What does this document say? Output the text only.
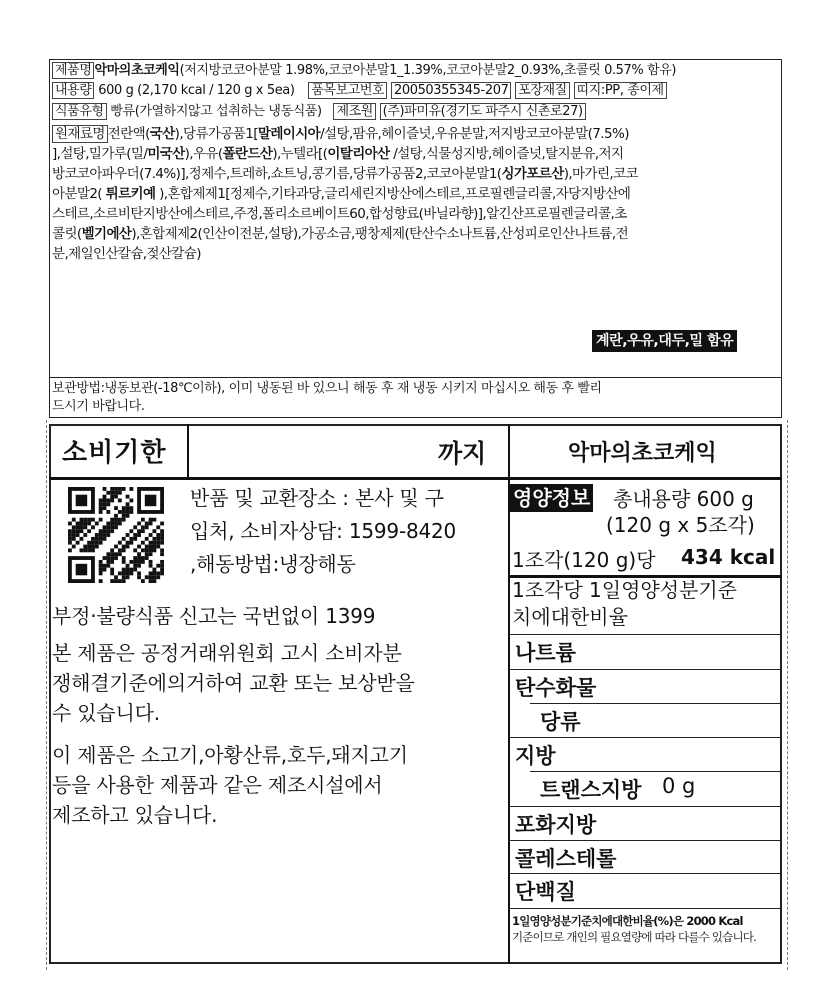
제품명 악마의초코케익(저지방코코아분말 1.98%,코코아분말1_1.39%,코코아분말2_0.93%,초콜릿 0.57% 함유)
내용량 600 g (2,170 kcal / 120 g x 5ea) 품목보고번호 20050355345-207 포장재질 띠지:PP, 종이제
식품유형 빵류(가열하지않고 섭취하는 냉동식품) 제조원 (주)파미유(경기도 파주시 신촌로27)
원재료명 전란액(국산),당류가공품1[말레이시아/설탕,팜유,헤이즐넛,우유분말,저지방코코아분말(7.5%)
],설탕,밀가루(밀/미국산),우유(폴란드산),누텔라[(이탈리아산 /설탕,식물성지방,헤이즐넛,탈지분유,저지
방코코아파우더(7.4%)],정제수,트레하,쇼트닝,콩기름,당류가공품2,코코아분말1(싱가포르산),마가린,코코
아분말2( 튀르키예 ),혼합제제1[정제수,기타과당,글리세린지방산에스테르,프로필렌글리콜,자당지방산에
스테르,소르비탄지방산에스테르,주정,폴리소르베이트60,합성향료(바닐라향)],알긴산프로필렌글리콜,초
콜릿(벨기에산),혼합제제2(인산이전분,설탕),가공소금,팽창제제(탄산수소나트륨,산성피로인산나트륨,전
분,제일인산칼슘,젖산칼슘)
계란,우유,대두,밀 함유
보관방법:냉동보관(-18℃이하), 이미 냉동된 바 있으니 해동 후 재 냉동 시키지 마십시오 해동 후 빨리
드시기 바랍니다.
소비기한	까지	악마의초코케익
반품 및 교환장소 : 본사 및 구
입처, 소비자상담: 1599-8420
,해동방법:냉장해동
부정·불량식품 신고는 국번없이 1399
본 제품은 공정거래위원회 고시 소비자분
쟁해결기준에의거하여 교환 또는 보상받을
수 있습니다.
이 제품은 소고기,아황산류,호두,돼지고기
등을 사용한 제품과 같은 제조시설에서
제조하고 있습니다.
영양정보 총내용량 600 g
(120 g x 5조각)
1조각(120 g)당 434 kcal
1조각당 1일영양성분기준
치에대한비율
나트륨
탄수화물
당류
지방
트랜스지방 0 g
포화지방
콜레스테롤
단백질
1일영양성분기준치에대한비율(%)은 2000 Kcal
기준이므로 개인의 필요열량에 따라 다를수 있습니다.
